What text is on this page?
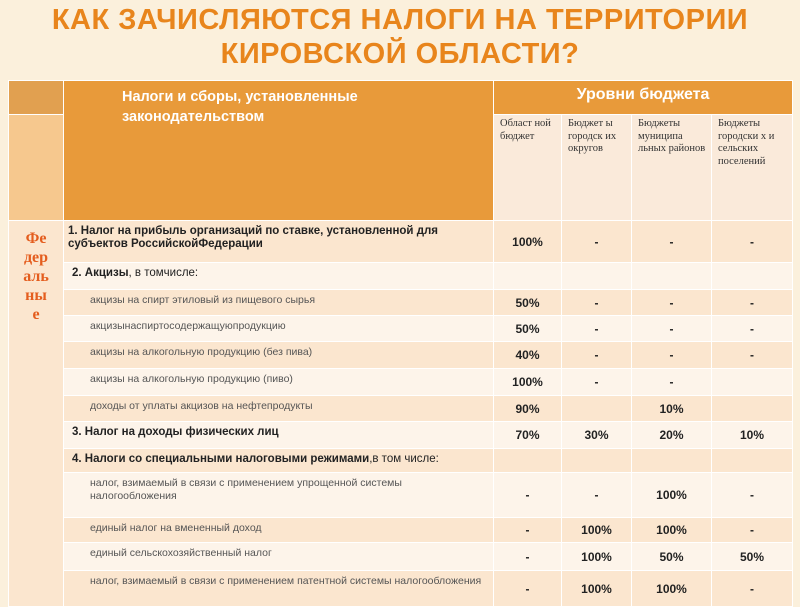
КАК ЗАЧИСЛЯЮТСЯ НАЛОГИ НА ТЕРРИТОРИИ
КИРОВСКОЙ ОБЛАСТИ?
	Налоги и сборы, установленные законодательством	Уровни бюджета			
		Област ной бюджет	Бюджет ы городск их округов	Бюджеты муниципа льных районов	Бюджеты городски х и сельских поселений

Фе
дер
аль
ны
е	1. Налог на прибыль организаций по ставке, установленной для субъектов РоссийскойФедерации	100%	-	-	-
	2. Акцизы, в томчисле:				
	акцизы на спирт этиловый из пищевого сырья	50%	-	-	-
	акцизынаспиртосодержащуюпродукцию	50%	-	-	-
	акцизы на алкогольную продукцию (без пива)	40%	-	-	-
	акцизы на алкогольную продукцию (пиво)	100%	-	-	
	доходы от уплаты акцизов на нефтепродукты	90%		10%	
	3. Налог на доходы физических лиц	70%	30%	20%	10%
	4. Налоги со специальными налоговыми режимами,в том числе:				
	налог, взимаемый в связи с применением упрощенной системы налогообложения	-	-	100%	-
	единый налог на вмененный доход	-	100%	100%	-
	единый сельскохозяйственный налог	-	100%	50%	50%
	налог, взимаемый в связи с применением патентной системы налогообложения	-	100%	100%	-
